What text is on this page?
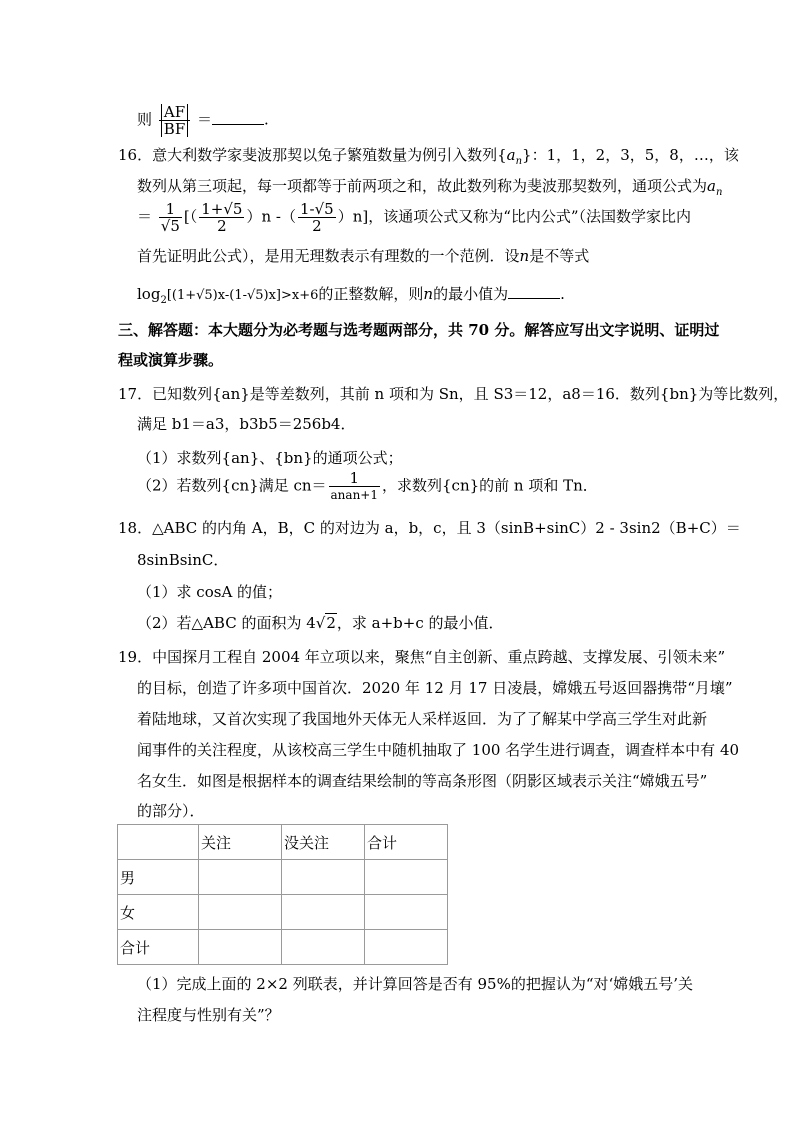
则 $\frac{AF}{BF}$ ＝	.
16．意大利数学家斐波那契以兔子繁殖数量为例引入数列$\{a_n\}$：1，1，2，3，5，8，…，该
数列从第三项起，每一项都等于前两项之和，故此数列称为斐波那契数列，通项公式为$a_n$
＝ $\frac{1}{√5}$ [（ $\frac{1+√5}{2} )n$ -（ $\frac{1-√5}{2} )n$]，该通项公式又称为“比内公式”（法国数学家比内
首先证明此公式），是用无理数表示有理数的一个范例．设n是不等式
$\log_2[(1+√5)x-(1-√5)x]>x+6$的正整数解，则n的最小值为	.
三、解答题：本大题分为必考题与选考题两部分，共 70 分。解答应写出文字说明、证明过
程或演算步骤。
17．已知数列{an}是等差数列，其前 n 项和为 Sn，且 S3＝12，a8＝16．数列{bn}为等比数列，
满足 b1＝a3，b3b5＝256b4．
（1）求数列{an}、{bn}的通项公式；
（2）若数列{cn}满足 $cn= \frac{1}{\text{anan+1}}$ ，求数列{cn}的前 n 项和 Tn．
18．△ABC 的内角 A，B，C 的对边为 a，b，c，且 3（sinB+sinC）2 - 3sin2（B+C）＝
8sinBsinC．
（1）求 cosA 的值；
（2）若△ABC 的面积为 4√2，求 a+b+c 的最小值．
19．中国探月工程自 2004 年立项以来，聚焦“自主创新、重点跨越、支撑发展、引领未来”
的目标，创造了许多项中国首次．2020 年 12 月 17 日凌晨，嫦娥五号返回器携带“月壤”
着陆地球，又首次实现了我国地外天体无人采样返回．为了了解某中学高三学生对此新
闻事件的关注程度，从该校高三学生中随机抽取了 100 名学生进行调查，调查样本中有 40
名女生．如图是根据样本的调查结果绘制的等高条形图（阴影区域表示关注“嫦娥五号”
的部分）．
	关注	没关注	合计
男			
女			
合计			
（1）完成上面的 2×2 列联表，并计算回答是否有 95%的把握认为“对‘嫦娥五号’关
注程度与性别有关”？
